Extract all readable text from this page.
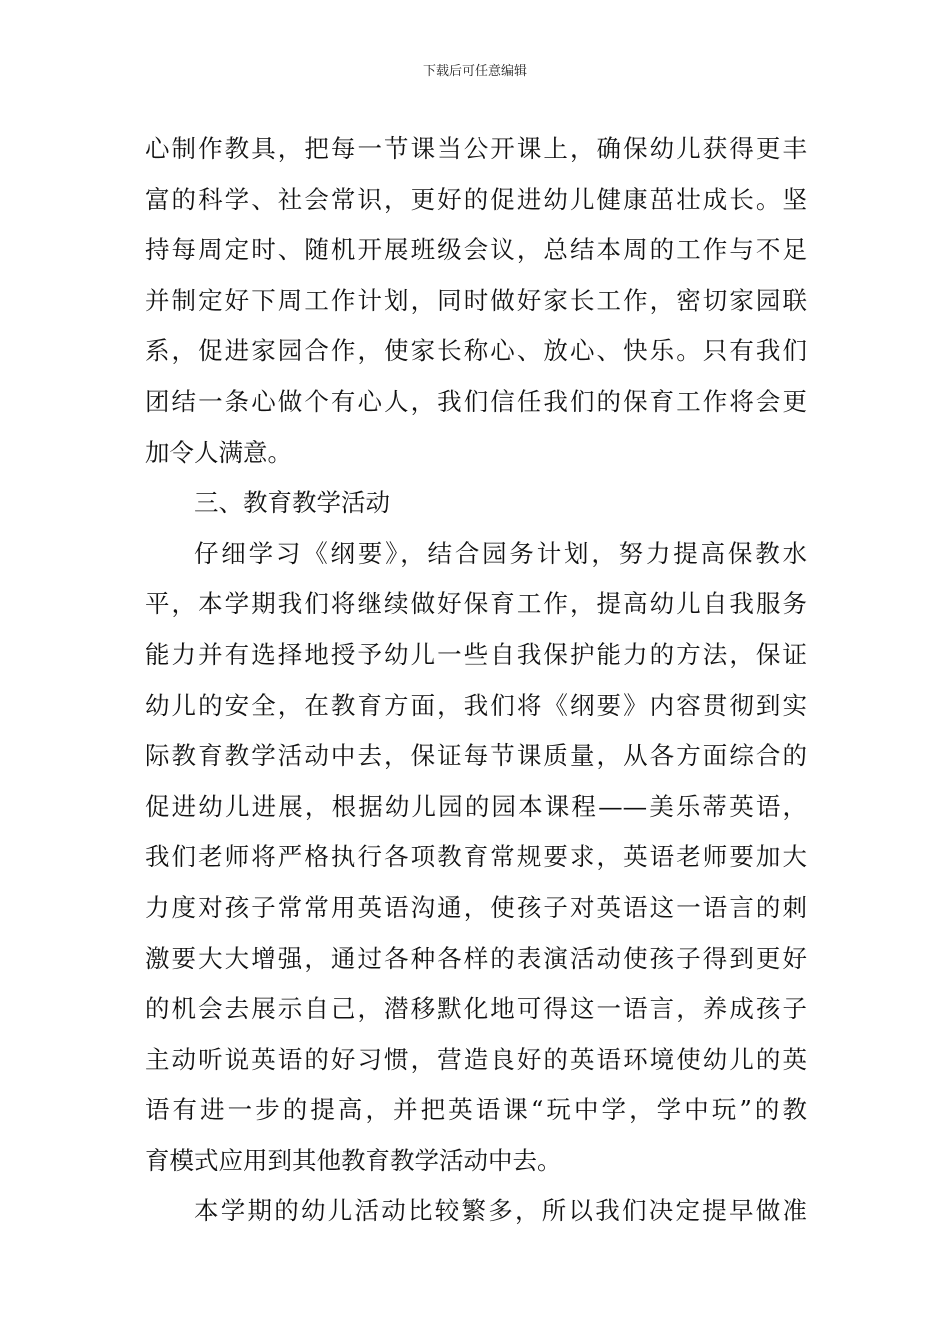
下载后可任意编辑
心制作教具，把每一节课当公开课上，确保幼儿获得更丰
富的科学、社会常识，更好的促进幼儿健康茁壮成长。坚
持每周定时、随机开展班级会议，总结本周的工作与不足
并制定好下周工作计划，同时做好家长工作，密切家园联
系，促进家园合作，使家长称心、放心、快乐。只有我们
团结一条心做个有心人，我们信任我们的保育工作将会更
加令人满意。
三、教育教学活动
仔细学习《纲要》，结合园务计划，努力提高保教水
平，本学期我们将继续做好保育工作，提高幼儿自我服务
能力并有选择地授予幼儿一些自我保护能力的方法，保证
幼儿的安全，在教育方面，我们将《纲要》内容贯彻到实
际教育教学活动中去，保证每节课质量，从各方面综合的
促进幼儿进展，根据幼儿园的园本课程——美乐蒂英语，
我们老师将严格执行各项教育常规要求，英语老师要加大
力度对孩子常常用英语沟通，使孩子对英语这一语言的刺
激要大大增强，通过各种各样的表演活动使孩子得到更好
的机会去展示自己，潜移默化地可得这一语言，养成孩子
主动听说英语的好习惯，营造良好的英语环境使幼儿的英
语有进一步的提高，并把英语课“玩中学，学中玩”的教
育模式应用到其他教育教学活动中去。
本学期的幼儿活动比较繁多，所以我们决定提早做准
